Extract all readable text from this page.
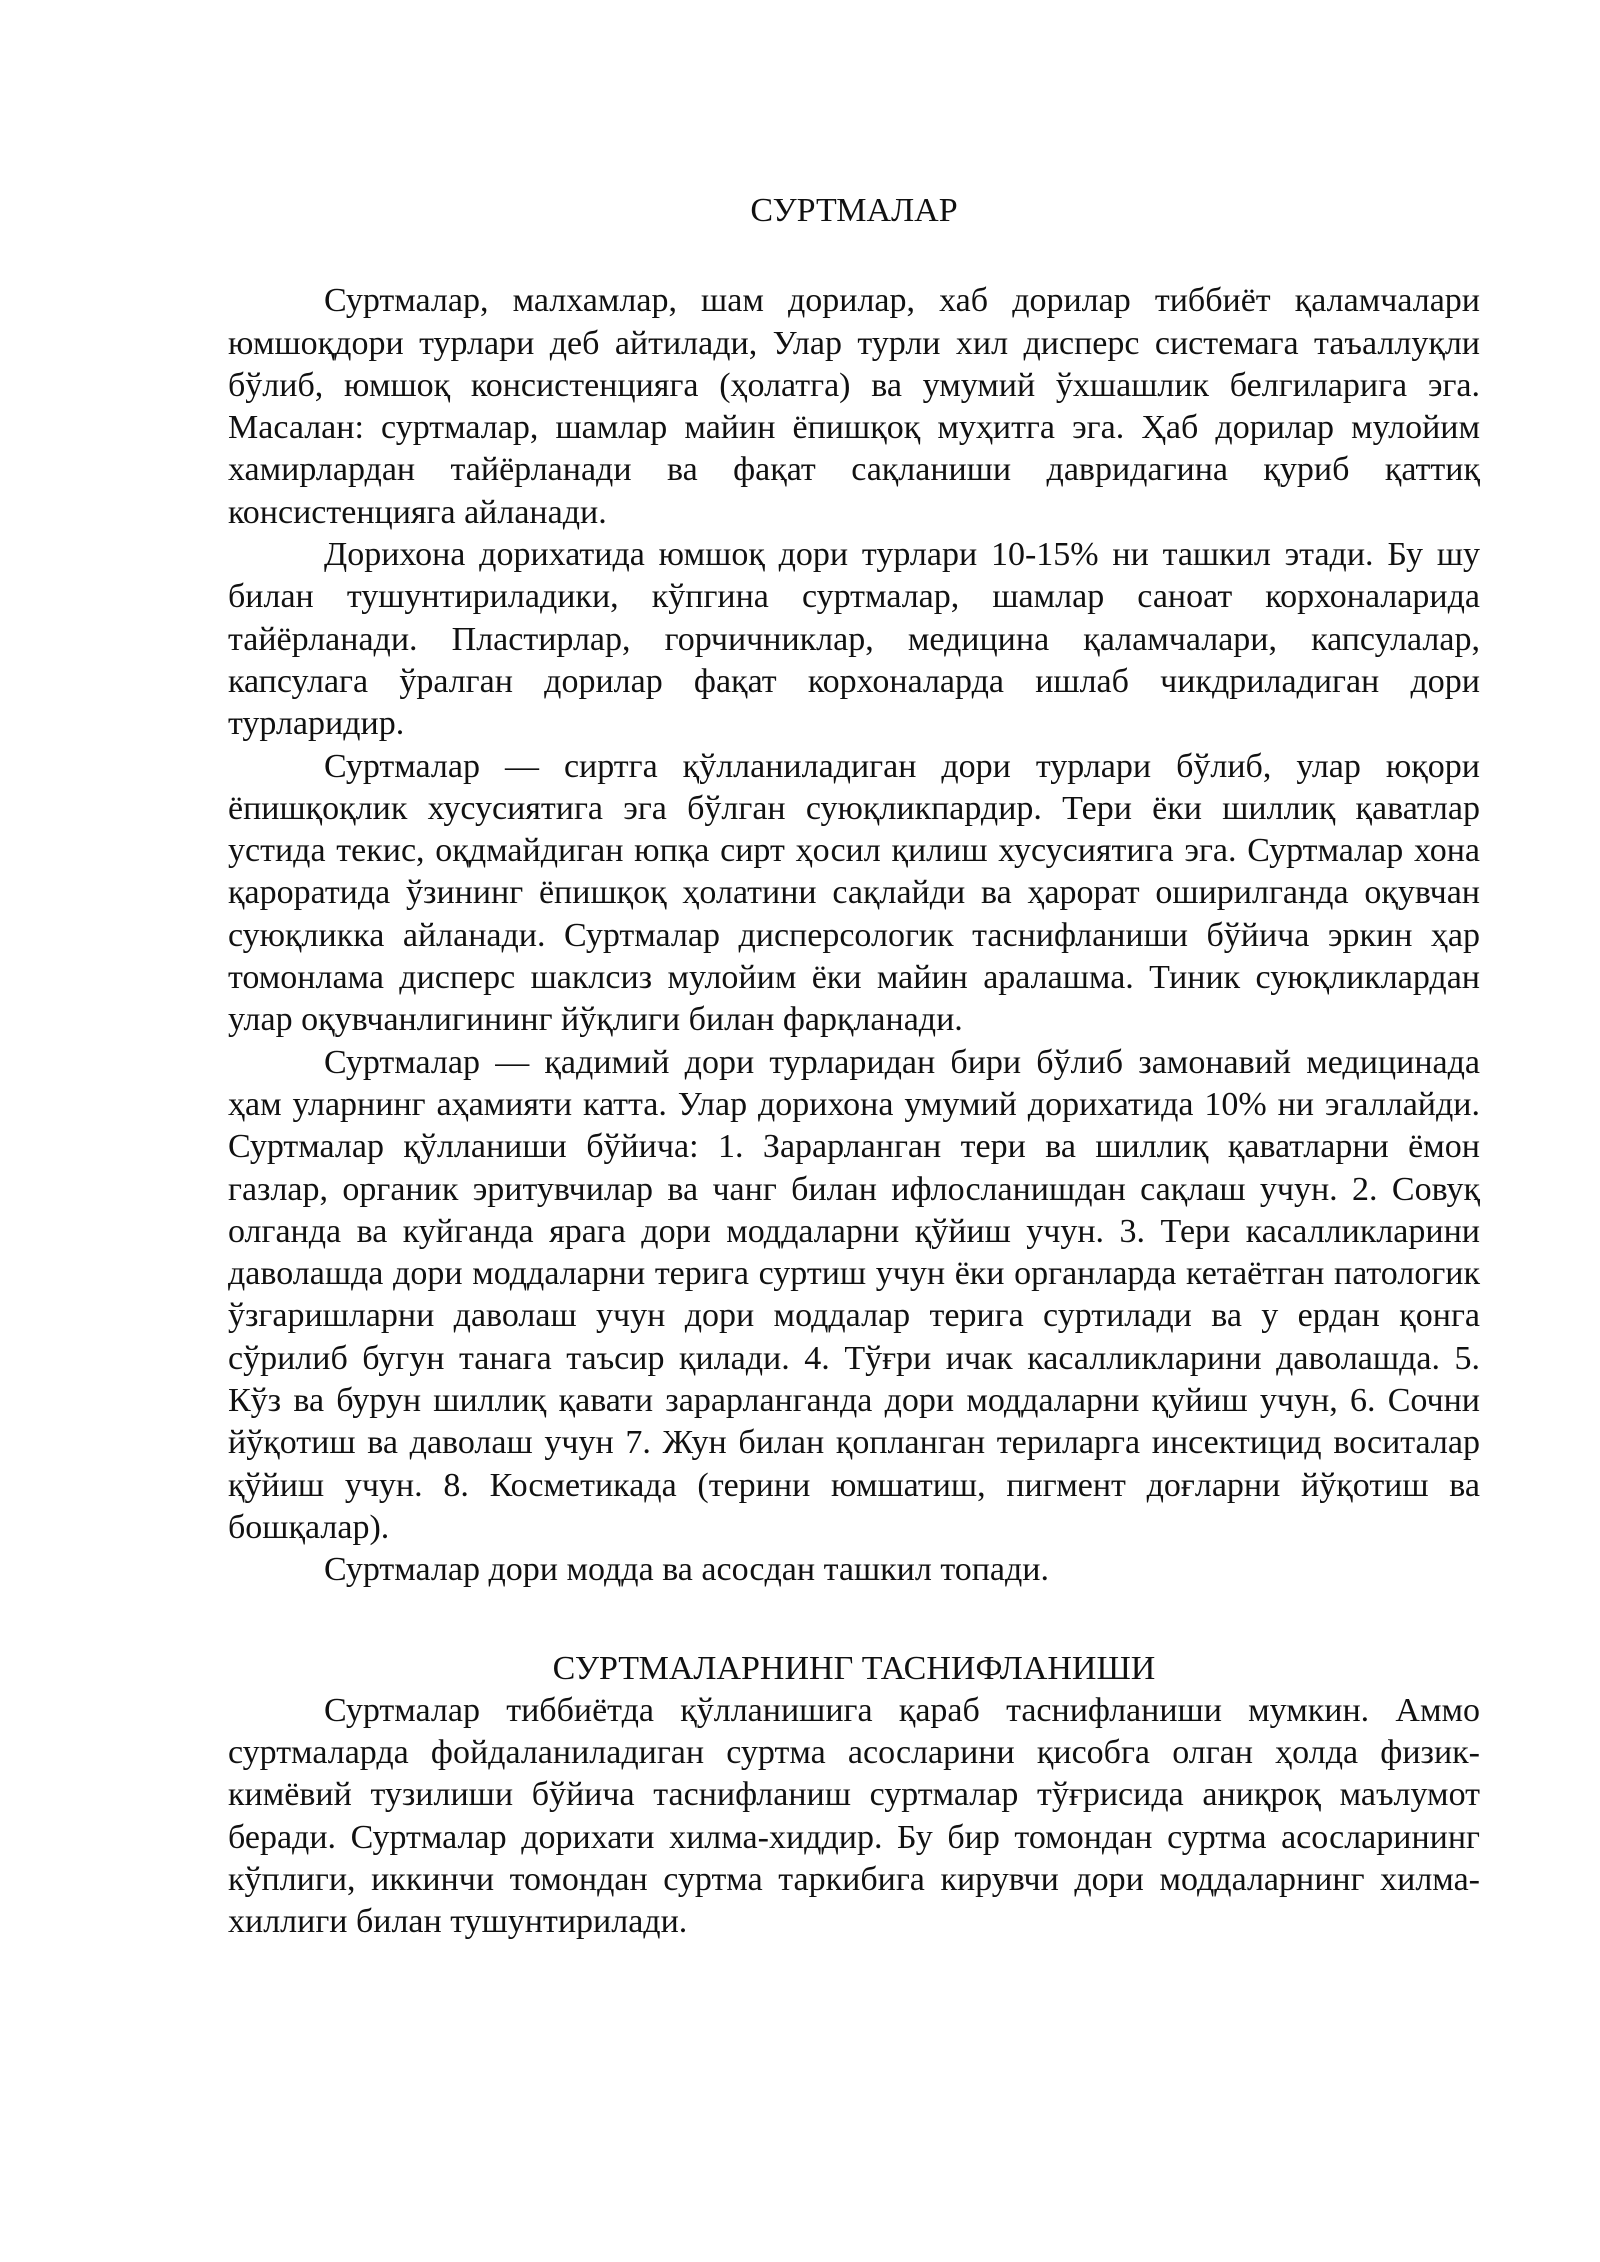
СУРТМАЛАР

Суртмалар, малхамлар, шам дорилар, хаб дорилар тиббиёт қаламчалари юмшоқдори турлари деб айтилади, Улар турли хил дисперс системага таъаллуқли бўлиб, юмшоқ консистенцияга (ҳолатга) ва умумий ўхшашлик белгиларига эга. Масалан: суртмалар, шамлар майин ёпишқоқ муҳитга эга. Ҳаб дорилар мулойим хамирлардан тайёрланади ва фақат сақланиши давридагина қуриб қаттиқ консистенцияга айланади.

Дорихона дорихатида юмшоқ дори турлари 10-15% ни ташкил этади. Бу шу билан тушунтириладики, кўпгина суртмалар, шамлар саноат корхоналарида тайёрланади. Пластирлар, горчичниклар, медицина қаламчалари, капсулалар, капсулага ўралган дорилар фақат корхоналарда ишлаб чикдриладиган дори турларидир.

Суртмалар — сиртга қўлланиладиган дори турлари бўлиб, улар юқори ёпишқоқлик хусусиятига эга бўлган суюқликпардир. Тери ёки шиллиқ қаватлар устида текис, оқдмайдиган юпқа сирт ҳосил қилиш хусусиятига эга. Суртмалар хона қароратида ўзининг ёпишқоқ ҳолатини сақлайди ва ҳарорат оширилганда оқувчан суюқликка айланади. Суртмалар дисперсологик таснифланиши бўйича эркин ҳар томонлама дисперс шаклсиз мулойим ёки майин аралашма. Тиник суюқликлардан улар оқувчанлигининг йўқлиги билан фарқланади.

Суртмалар — қадимий дори турларидан бири бўлиб замонавий медицинада ҳам уларнинг аҳамияти катта. Улар дорихона умумий дорихатида 10% ни эгаллайди. Суртмалар қўлланиши бўйича: 1. Зарарланган тери ва шиллиқ қаватларни ёмон газлар, органик эритувчилар ва чанг билан ифлосланишдан сақлаш учун. 2. Совуқ олганда ва куйганда ярага дори моддаларни қўйиш учун. 3. Тери касалликларини даволашда дори моддаларни терига суртиш учун ёки органларда кетаётган патологик ўзгаришларни даволаш учун дори моддалар терига суртилади ва у ердан қонга сўрилиб бугун танага таъсир қилади. 4. Тўғри ичак касалликларини даволашда. 5. Кўз ва бурун шиллиқ қавати зарарланганда дори моддаларни қуйиш учун, 6. Сочни йўқотиш ва даволаш учун 7. Жун билан қопланган териларга инсектицид воситалар қўйиш учун. 8. Косметикада (терини юмшатиш, пигмент доғларни йўқотиш ва бошқалар).

Суртмалар дори модда ва асосдан ташкил топади.

СУРТМАЛАРНИНГ ТАСНИФЛАНИШИ

Суртмалар тиббиётда қўлланишига қараб таснифланиши мумкин. Аммо суртмаларда фойдаланиладиган суртма асосларини қисобга олган ҳолда физик-кимёвий тузилиши бўйича таснифланиш суртмалар тўғрисида аниқроқ маълумот беради. Суртмалар дорихати хилма-хиддир. Бу бир томондан суртма асосларининг кўплиги, иккинчи томондан суртма таркибига кирувчи дори моддаларнинг хилма-хиллиги билан тушунтирилади.
